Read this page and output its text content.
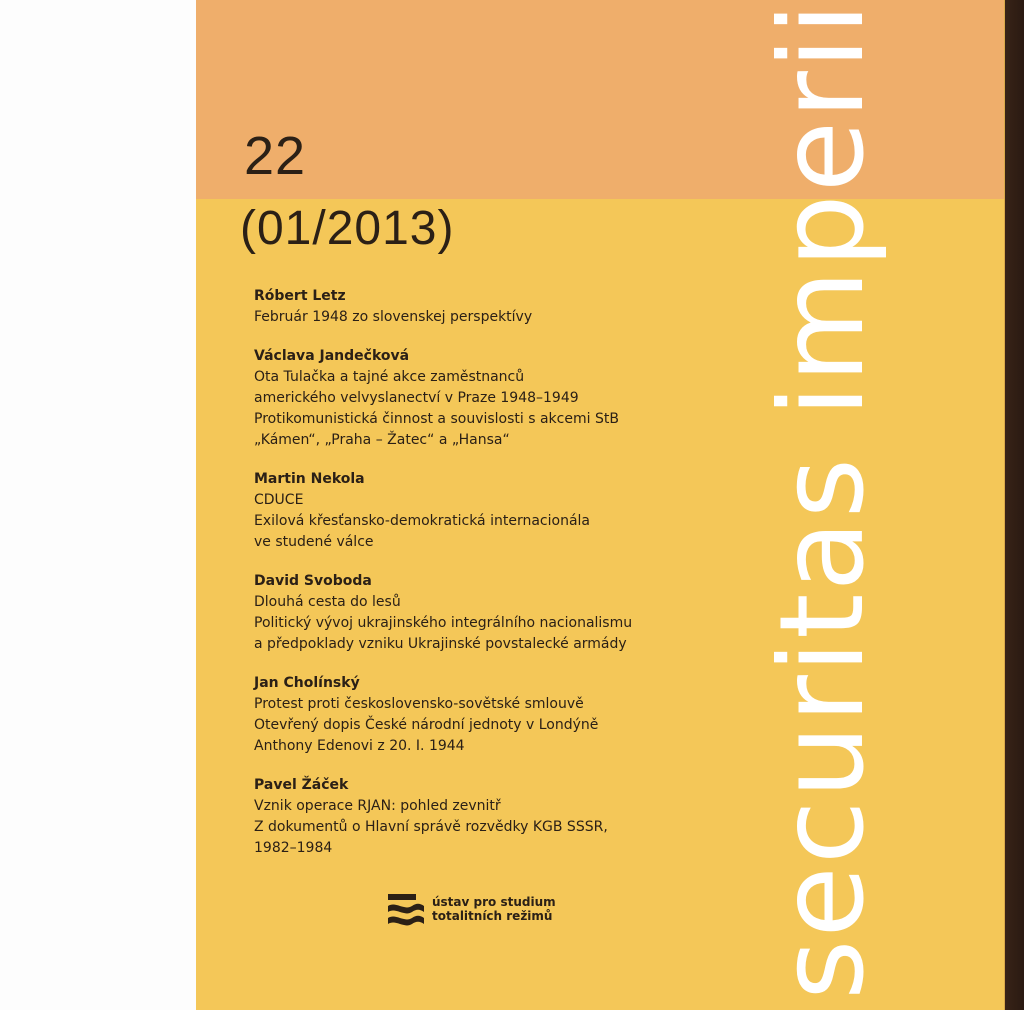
22
(01/2013)
Róbert Letz
Február 1948 zo slovenskej perspektívy
Václava Jandečková
Ota Tulačka a tajné akce zaměstnanců
amerického velvyslanectví v Praze 1948–1949
Protikomunistická činnost a souvislosti s akcemi StB
„Kámen“, „Praha – Žatec“ a „Hansa“
Martin Nekola
CDUCE
Exilová křesťansko-demokratická internacionála
ve studené válce
David Svoboda
Dlouhá cesta do lesů
Politický vývoj ukrajinského integrálního nacionalismu
a předpoklady vzniku Ukrajinské povstalecké armády
Jan Cholínský
Protest proti československo-sovětské smlouvě
Otevřený dopis České národní jednoty v Londýně
Anthony Edenovi z 20. I. 1944
Pavel Žáček
Vznik operace RJAN: pohled zevnitř
Z dokumentů o Hlavní správě rozvědky KGB SSSR,
1982–1984	securitas imperii
ústav pro studium
totalitních režimů
